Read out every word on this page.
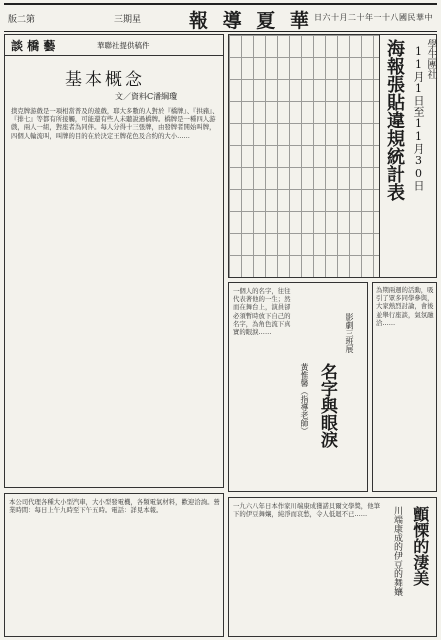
版二第	三期星	報 導 夏 華 日六十月二十年一十八國民華中
談 橋 藝	華聯社提供稿件
基本概念
文／資料C潘綱瓊
撲克牌游戲是一項相當普及的遊戲，耶大多數的人對於『橋牌』、『拱豬』、『排七』等都有所接觸，可能還有些人未聽說過橋牌。橋牌是一種四人游戲，兩人一組，對座者為同伴。每人分得十三張牌，由發牌者開始叫牌，四個人輪流叫，叫牌的目的在於決定王牌花色及合約的大小……
本公司代理各種大小型汽車，大小型發電機，各類電氣材料，歡迎洽詢。營業時間：每日上午九時至下午五時。電話：詳見本報。
海報張貼違規統計表 11月1日至11月30日 學生團社
一個人的名字，往往代表著他的一生；然而在舞台上，演員卻必須暫時放下自己的名字，為角色流下真實的眼淚……	影劇三班展
名字與眼淚
黃惟馨（指導老師）
為期兩週的活動，吸引了眾多同學參與，大家熱烈討論，會後並舉行座談，氣氛融洽……
一九六八年日本作家川端康成獲諾貝爾文學獎，他筆下的伊豆舞孃，純淨而哀愁，令人低迴不已……	顫慄的淒美
川端康成的伊豆的舞孃
